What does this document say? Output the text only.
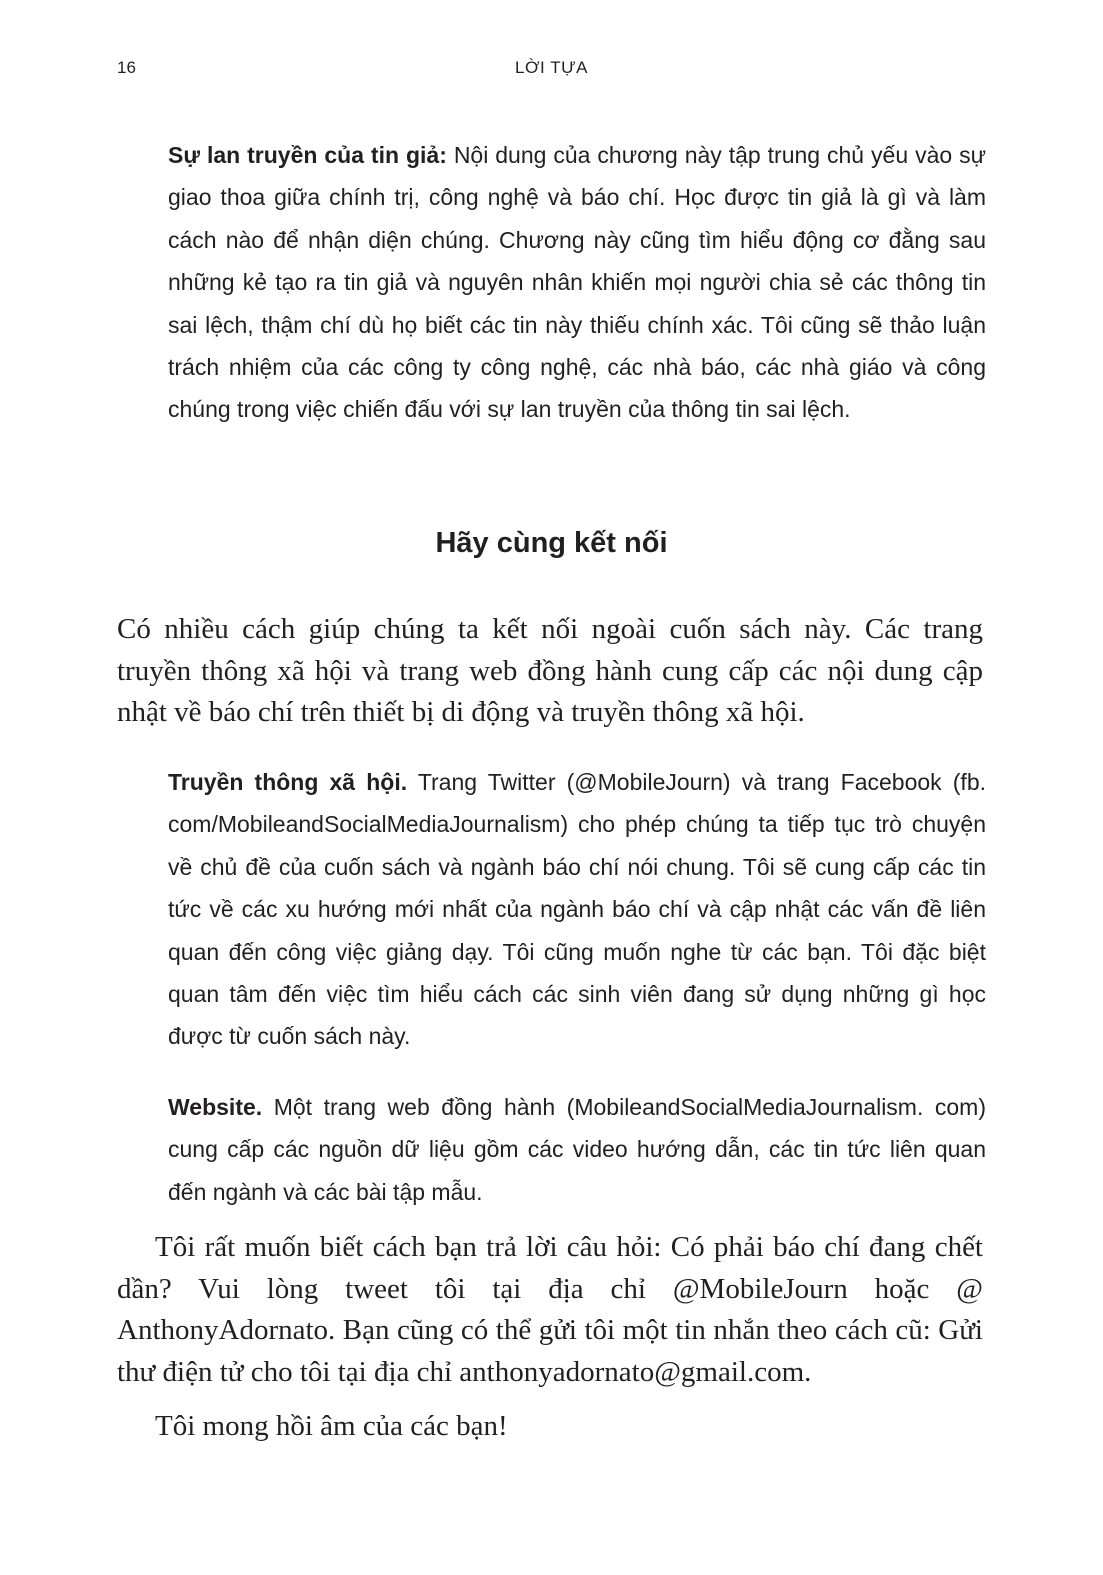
16	LỜI TỰA

Sự lan truyền của tin giả: Nội dung của chương này tập trung chủ yếu vào sự giao thoa giữa chính trị, công nghệ và báo chí. Học được tin giả là gì và làm cách nào để nhận diện chúng. Chương này cũng tìm hiểu động cơ đằng sau những kẻ tạo ra tin giả và nguyên nhân khiến mọi người chia sẻ các thông tin sai lệch, thậm chí dù họ biết các tin này thiếu chính xác. Tôi cũng sẽ thảo luận trách nhiệm của các công ty công nghệ, các nhà báo, các nhà giáo và công chúng trong việc chiến đấu với sự lan truyền của thông tin sai lệch.

Hãy cùng kết nối

Có nhiều cách giúp chúng ta kết nối ngoài cuốn sách này. Các trang truyền thông xã hội và trang web đồng hành cung cấp các nội dung cập nhật về báo chí trên thiết bị di động và truyền thông xã hội.

Truyền thông xã hội. Trang Twitter (@MobileJourn) và trang Facebook (fb. com/MobileandSocialMediaJournalism) cho phép chúng ta tiếp tục trò chuyện về chủ đề của cuốn sách và ngành báo chí nói chung. Tôi sẽ cung cấp các tin tức về các xu hướng mới nhất của ngành báo chí và cập nhật các vấn đề liên quan đến công việc giảng dạy. Tôi cũng muốn nghe từ các bạn. Tôi đặc biệt quan tâm đến việc tìm hiểu cách các sinh viên đang sử dụng những gì học được từ cuốn sách này.

Website. Một trang web đồng hành (MobileandSocialMediaJournalism. com) cung cấp các nguồn dữ liệu gồm các video hướng dẫn, các tin tức liên quan đến ngành và các bài tập mẫu.

Tôi rất muốn biết cách bạn trả lời câu hỏi: Có phải báo chí đang chết dần? Vui lòng tweet tôi tại địa chỉ @MobileJourn hoặc @ AnthonyAdornato. Bạn cũng có thể gửi tôi một tin nhắn theo cách cũ: Gửi thư điện tử cho tôi tại địa chỉ anthonyadornato@gmail.com.

Tôi mong hồi âm của các bạn!
